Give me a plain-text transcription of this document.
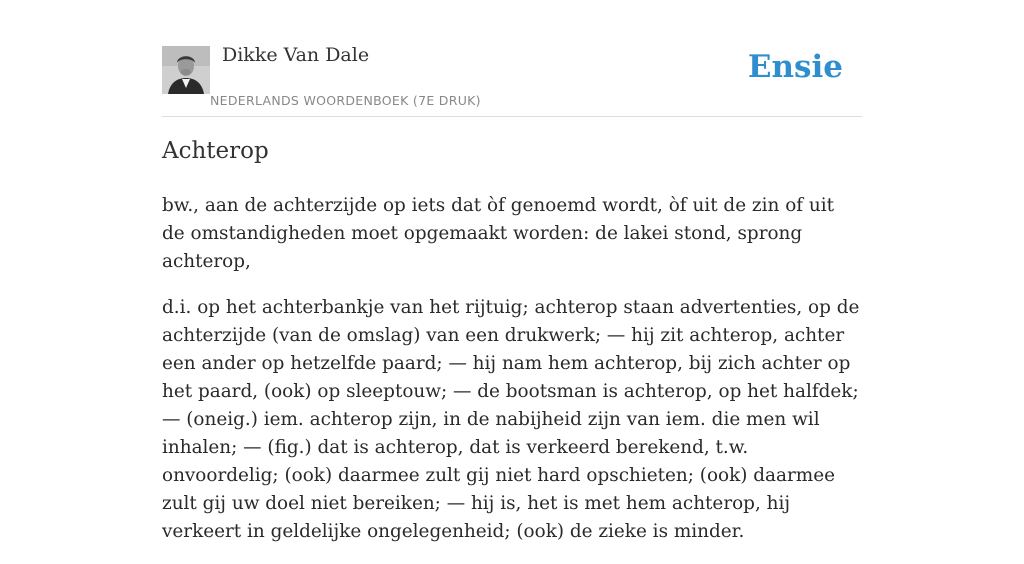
Dikke Van Dale
NEDERLANDS WOORDENBOEK (7E DRUK)
Ensie
Achterop

bw., aan de achterzijde op iets dat òf genoemd wordt, òf uit de zin of uit de omstandigheden moet opgemaakt worden: de lakei stond, sprong achterop,

d.i. op het achterbankje van het rijtuig; achterop staan advertenties, op de achterzijde (van de omslag) van een drukwerk; — hij zit achterop, achter een ander op hetzelfde paard; — hij nam hem achterop, bij zich achter op het paard, (ook) op sleeptouw; — de bootsman is achterop, op het halfdek; — (oneig.) iem. achterop zijn, in de nabijheid zijn van iem. die men wil inhalen; — (fig.) dat is achterop, dat is verkeerd berekend, t.w. onvoordelig; (ook) daarmee zult gij niet hard opschieten; (ook) daarmee zult gij uw doel niet bereiken; — hij is, het is met hem achterop, hij verkeert in geldelijke ongelegenheid; (ook) de zieke is minder.
